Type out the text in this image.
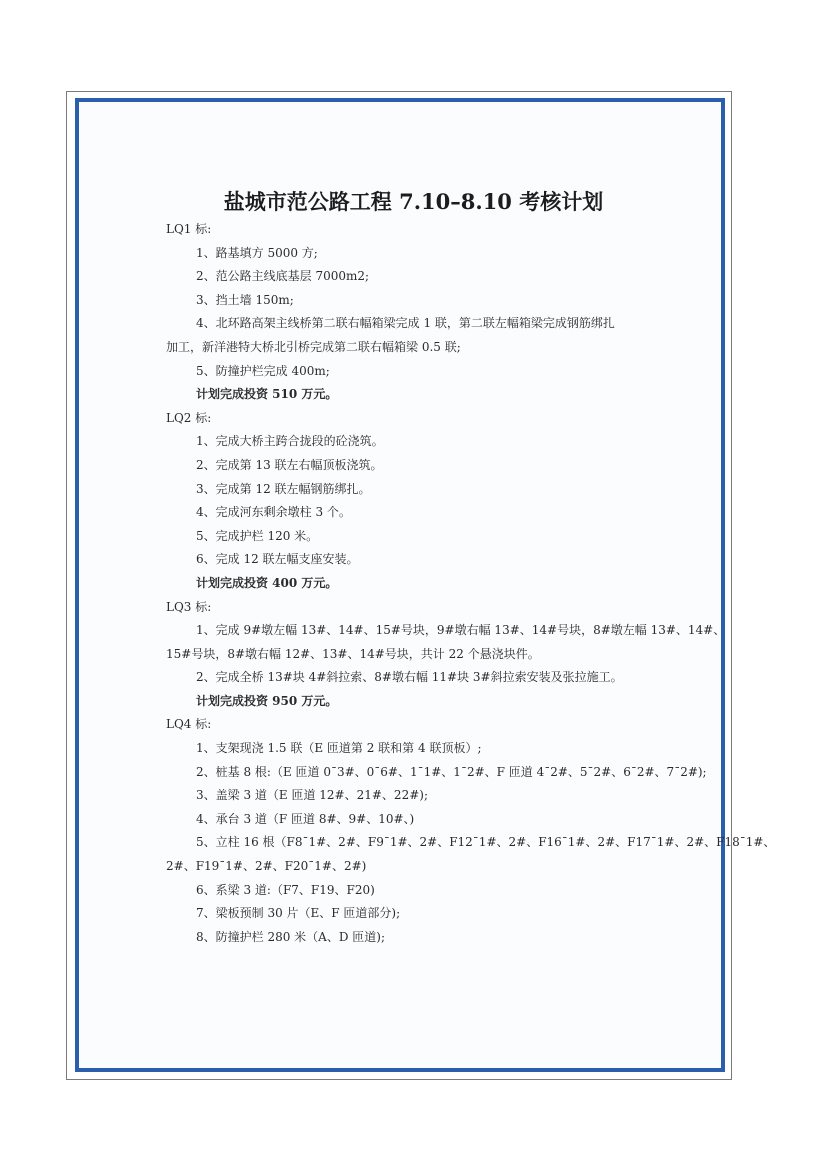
盐城市范公路工程 7.10–8.10 考核计划
LQ1 标:
1、路基填方 5000 方;
2、范公路主线底基层 7000m2;
3、挡土墙 150m;
4、北环路高架主线桥第二联右幅箱梁完成 1 联，第二联左幅箱梁完成钢筋绑扎
加工，新洋港特大桥北引桥完成第二联右幅箱梁 0.5 联;
5、防撞护栏完成 400m;
计划完成投资 510 万元。
LQ2 标:
1、完成大桥主跨合拢段的砼浇筑。
2、完成第 13 联左右幅顶板浇筑。
3、完成第 12 联左幅钢筋绑扎。
4、完成河东剩余墩柱 3 个。
5、完成护栏 120 米。
6、完成 12 联左幅支座安装。
计划完成投资 400 万元。
LQ3 标:
1、完成 9#墩左幅 13#、14#、15#号块，9#墩右幅 13#、14#号块，8#墩左幅 13#、14#、
15#号块，8#墩右幅 12#、13#、14#号块，共计 22 个悬浇块件。
2、完成全桥 13#块 4#斜拉索、8#墩右幅 11#块 3#斜拉索安装及张拉施工。
计划完成投资 950 万元。
LQ4 标:
1、支架现浇 1.5 联（E 匝道第 2 联和第 4 联顶板）;
2、桩基 8 根:（E 匝道 0¯3#、0¯6#、1¯1#、1¯2#、F 匝道 4¯2#、5¯2#、6¯2#、7¯2#);
3、盖梁 3 道（E 匝道 12#、21#、22#);
4、承台 3 道（F 匝道 8#、9#、10#、)
5、立柱 16 根（F8¯1#、2#、F9¯1#、2#、F12¯1#、2#、F16¯1#、2#、F17¯1#、2#、F18¯1#、
2#、F19¯1#、2#、F20¯1#、2#)
6、系梁 3 道:（F7、F19、F20)
7、梁板预制 30 片（E、F 匝道部分);
8、防撞护栏 280 米（A、D 匝道);
